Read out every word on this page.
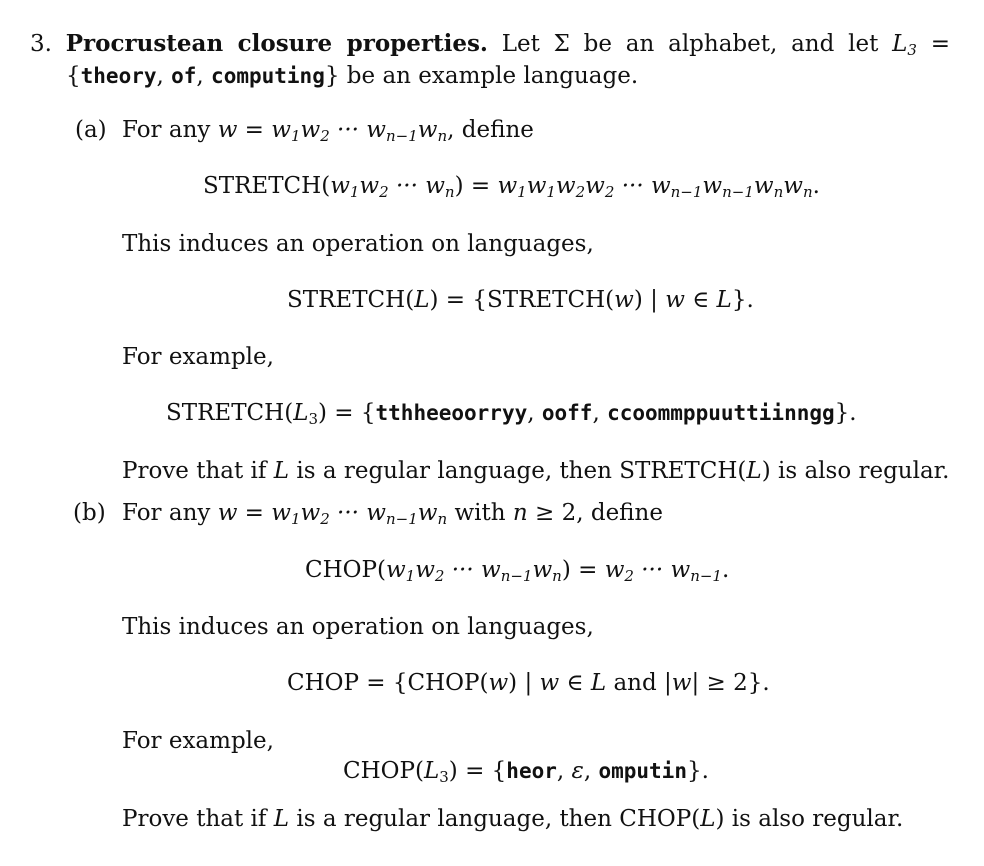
3. Procrustean closure properties. Let Σ be an alphabet, and let $L_3$ =
{theory, of, computing} be an example language.
(a) For any $w = w_1w_2$ ··· $w_{n-1}w_n$, define
$STRETCH(w_1w_2$ ··· $w_n) = w_1w_1w_2w_2$ ··· $w_{n-1}w_{n-1}w_nw_n$.
This induces an operation on languages,
STRETCH(L) = {STRETCH(w) | w ∈ L}.
For example,
$STRETCH(L_3)$ = {tthheeoorryy, ooff, ccoommppuuttiinngg}.
Prove that if L is a regular language, then STRETCH(L) is also regular.
(b) For any $w = w_1w_2$ ··· $w_{n-1}w_n$ with n ≥ 2, define
$CHOP(w_1w_2$ ··· $w_{n-1}w_n) = w_2$ ··· $w_{n-1}$.
This induces an operation on languages,
CHOP = {CHOP(w) | w ∈ L and |w| ≥ 2}.
For example,
$CHOP(L_3)$ = {heor, ε, omputin}.
Prove that if L is a regular language, then CHOP(L) is also regular.
